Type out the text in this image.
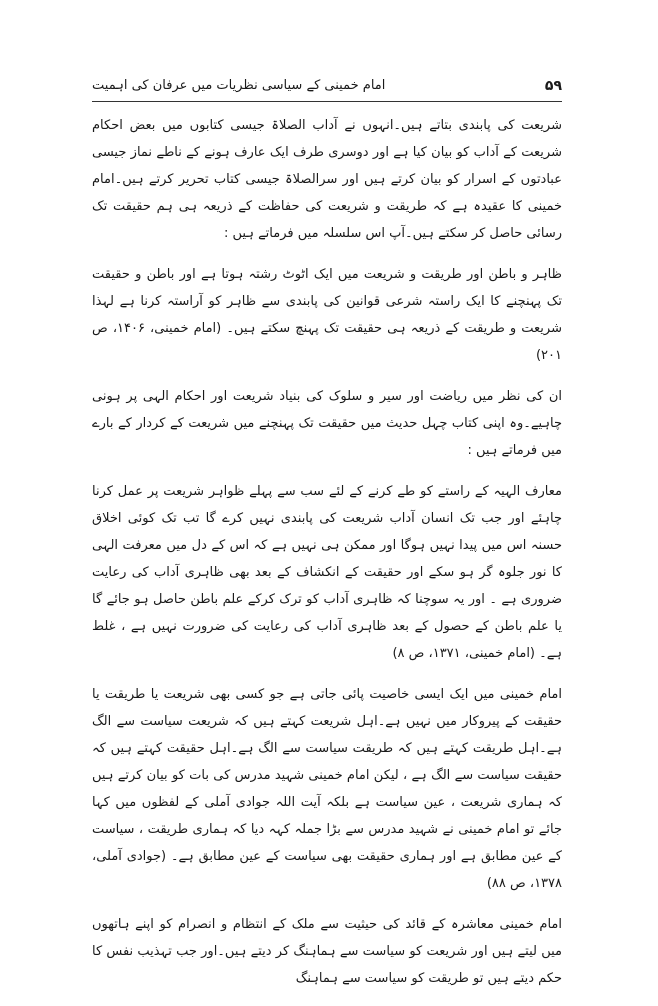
۵۹
امام خمینی کے سیاسی نظریات میں عرفان کی اہمیت

شریعت کی پابندی بتاتے ہیں۔انہوں نے آداب الصلاۃ جیسی کتابوں میں بعض احکام شریعت کے آداب کو بیان کیا ہے اور دوسری طرف ایک عارف ہونے کے ناطے نماز جیسی عبادتوں کے اسرار کو بیان کرتے ہیں اور سرالصلاۃ جیسی کتاب تحریر کرتے ہیں۔امام خمینی کا عقیدہ ہے کہ طریقت و شریعت کی حفاظت کے ذریعہ ہی ہم حقیقت تک رسائی حاصل کر سکتے ہیں۔آپ اس سلسلہ میں فرماتے ہیں :

ظاہر و باطن اور طریقت و شریعت میں ایک اٹوٹ رشتہ ہوتا ہے اور باطن و حقیقت تک پہنچنے کا ایک راستہ شرعی قوانین کی پابندی سے ظاہر کو آراستہ کرنا ہے لہذا شریعت و طریقت کے ذریعہ ہی حقیقت تک پہنچ سکتے ہیں۔ (امام خمینی، ۱۴۰۶، ص ۲۰۱)

ان کی نظر میں ریاضت اور سیر و سلوک کی بنیاد شریعت اور احکام الہی پر ہونی چاہیے۔وہ اپنی کتاب چہل حدیث میں حقیقت تک پہنچنے میں شریعت کے کردار کے بارے میں فرماتے ہیں :

معارف الہیہ کے راستے کو طے کرنے کے لئے سب سے پہلے ظواہر شریعت پر عمل کرنا چاہئے اور جب تک انسان آداب شریعت کی پابندی نہیں کرے گا تب تک کوئی اخلاق حسنہ اس میں پیدا نہیں ہوگا اور ممکن ہی نہیں ہے کہ اس کے دل میں معرفت الہی کا نور جلوہ گر ہو سکے اور حقیقت کے انکشاف کے بعد بھی ظاہری آداب کی رعایت ضروری ہے ۔ اور یہ سوچنا کہ ظاہری آداب کو ترک کرکے علم باطن حاصل ہو جائے گا یا علم باطن کے حصول کے بعد ظاہری آداب کی رعایت کی ضرورت نہیں ہے ، غلط ہے۔ (امام خمینی، ۱۳۷۱، ص ۸)

امام خمینی میں ایک ایسی خاصیت پائی جاتی ہے جو کسی بھی شریعت یا طریقت یا حقیقت کے پیروکار میں نہیں ہے۔اہل شریعت کہتے ہیں کہ شریعت سیاست سے الگ ہے۔اہل طریقت کہتے ہیں کہ طریقت سیاست سے الگ ہے۔اہل حقیقت کہتے ہیں کہ حقیقت سیاست سے الگ ہے ، لیکن امام خمینی شہید مدرس کی بات کو بیان کرتے ہیں کہ ہماری شریعت ، عین سیاست ہے بلکہ آیت اللہ جوادی آملی کے لفظوں میں کہا جائے تو امام خمینی نے شہید مدرس سے بڑا جملہ کہہ دیا کہ ہماری طریقت ، سیاست کے عین مطابق ہے اور ہماری حقیقت بھی سیاست کے عین مطابق ہے۔ (جوادی آملی، ۱۳۷۸، ص ۸۸)

امام خمینی معاشرہ کے قائد کی حیثیت سے ملک کے انتظام و انصرام کو اپنے ہاتھوں میں لیتے ہیں اور شریعت کو سیاست سے ہماہنگ کر دیتے ہیں۔اور جب تہذیب نفس کا حکم دیتے ہیں تو طریقت کو سیاست سے ہماہنگ
